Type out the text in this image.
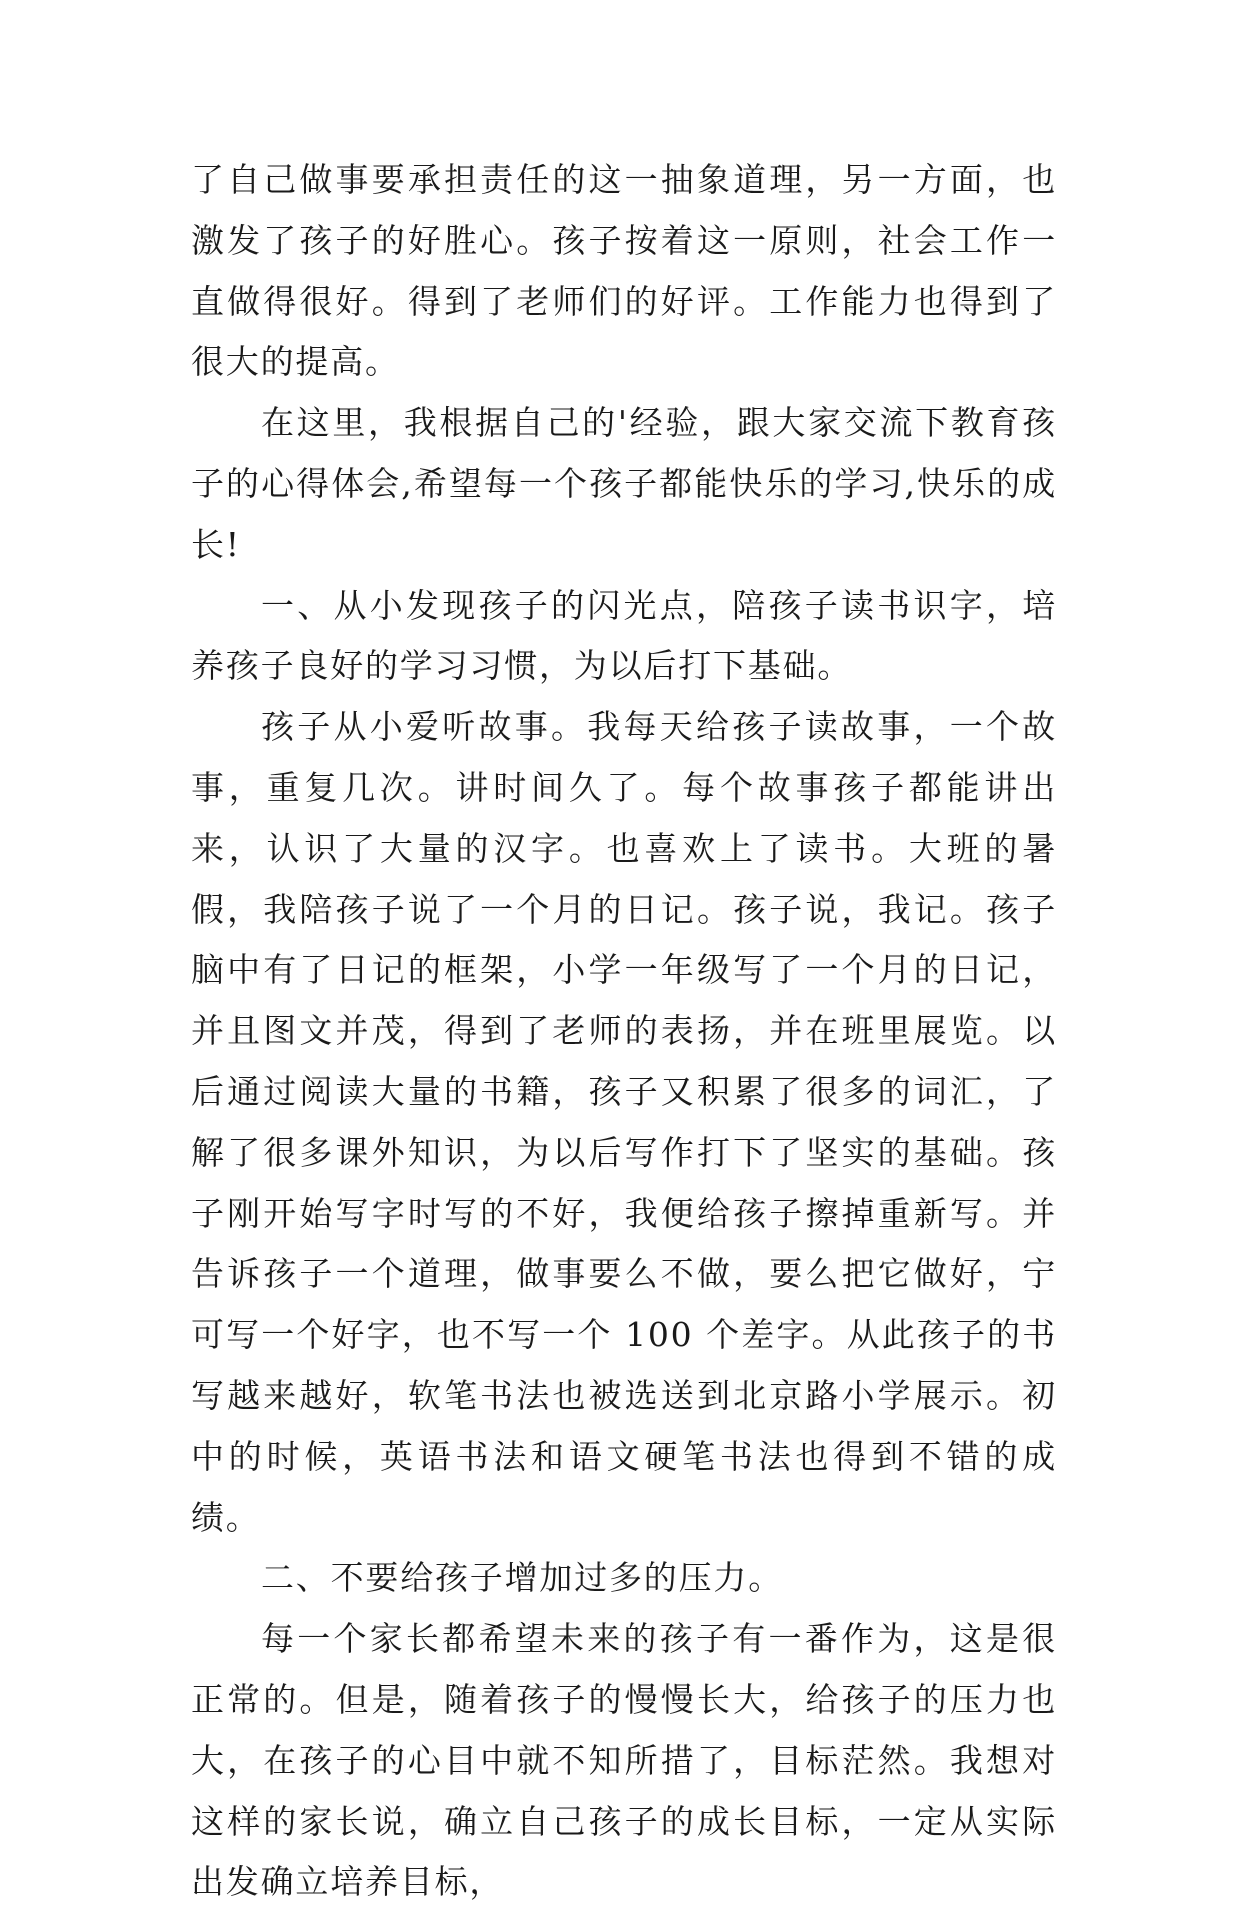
了自己做事要承担责任的这一抽象道理，另一方面，也激发了孩子的好胜心。孩子按着这一原则，社会工作一直做得很好。得到了老师们的好评。工作能力也得到了很大的提高。

在这里，我根据自己的'经验，跟大家交流下教育孩子的心得体会,希望每一个孩子都能快乐的学习,快乐的成长!

一、从小发现孩子的闪光点，陪孩子读书识字，培养孩子良好的学习习惯，为以后打下基础。

孩子从小爱听故事。我每天给孩子读故事，一个故事，重复几次。讲时间久了。每个故事孩子都能讲出来，认识了大量的汉字。也喜欢上了读书。大班的暑假，我陪孩子说了一个月的日记。孩子说，我记。孩子脑中有了日记的框架，小学一年级写了一个月的日记，并且图文并茂，得到了老师的表扬，并在班里展览。以后通过阅读大量的书籍，孩子又积累了很多的词汇，了解了很多课外知识，为以后写作打下了坚实的基础。孩子刚开始写字时写的不好，我便给孩子擦掉重新写。并告诉孩子一个道理，做事要么不做，要么把它做好，宁可写一个好字，也不写一个 100 个差字。从此孩子的书写越来越好，软笔书法也被选送到北京路小学展示。初中的时候，英语书法和语文硬笔书法也得到不错的成绩。

二、不要给孩子增加过多的压力。

每一个家长都希望未来的孩子有一番作为，这是很正常的。但是，随着孩子的慢慢长大，给孩子的压力也大，在孩子的心目中就不知所措了，目标茫然。我想对这样的家长说，确立自己孩子的成长目标，一定从实际出发确立培养目标，
